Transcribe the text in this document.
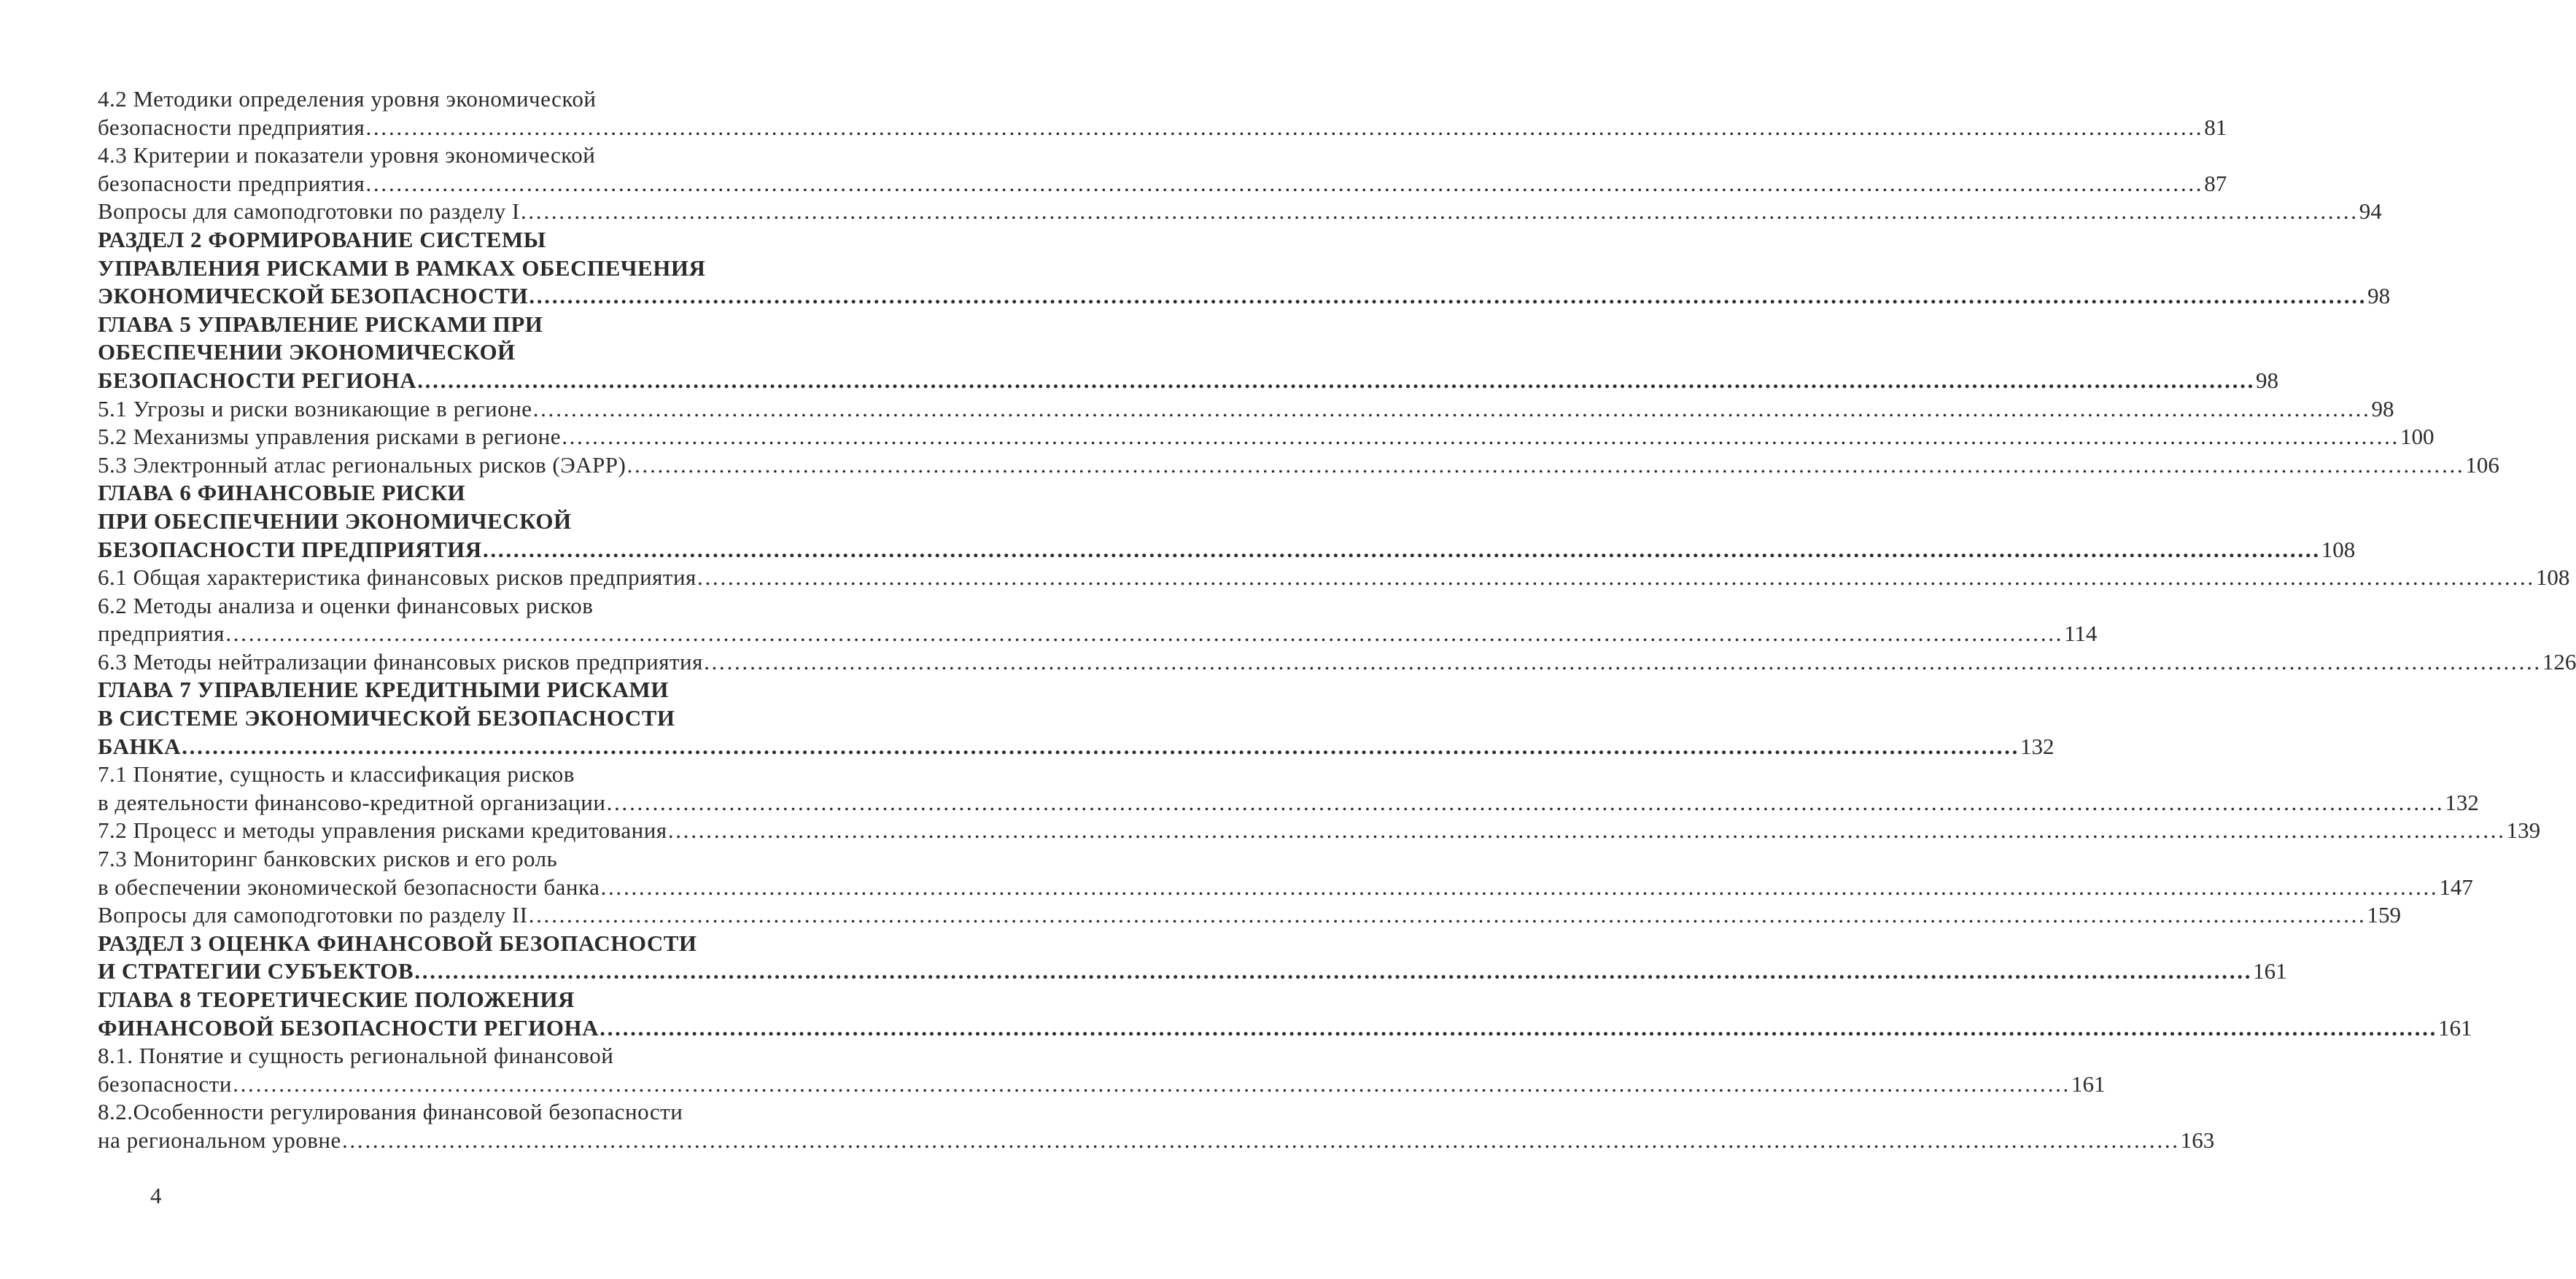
4.2 Методики определения уровня экономической
безопасности предприятия…………………………………………………………………………………………………………………………………………………………………………………………………………………… 81
4.3 Критерии и показатели уровня экономической
безопасности предприятия…………………………………………………………………………………………………………………………………………………………………………………………………………………… 87
Вопросы для самоподготовки по разделу I…………………………………………………………………………………………………………………………………………………………………………………………………………………… 94
РАЗДЕЛ 2 ФОРМИРОВАНИЕ СИСТЕМЫ
УПРАВЛЕНИЯ РИСКАМИ В РАМКАХ ОБЕСПЕЧЕНИЯ
ЭКОНОМИЧЕСКОЙ БЕЗОПАСНОСТИ…………………………………………………………………………………………………………………………………………………………………………………………………………………… 98
ГЛАВА 5 УПРАВЛЕНИЕ РИСКАМИ ПРИ
ОБЕСПЕЧЕНИИ ЭКОНОМИЧЕСКОЙ
БЕЗОПАСНОСТИ РЕГИОНА…………………………………………………………………………………………………………………………………………………………………………………………………………………… 98
5.1 Угрозы и риски возникающие в регионе…………………………………………………………………………………………………………………………………………………………………………………………………………………… 98
5.2 Механизмы управления рисками в регионе…………………………………………………………………………………………………………………………………………………………………………………………………………………… 100
5.3 Электронный атлас региональных рисков (ЭАРР)…………………………………………………………………………………………………………………………………………………………………………………………………………………… 106
ГЛАВА 6 ФИНАНСОВЫЕ РИСКИ
ПРИ ОБЕСПЕЧЕНИИ ЭКОНОМИЧЕСКОЙ
БЕЗОПАСНОСТИ ПРЕДПРИЯТИЯ…………………………………………………………………………………………………………………………………………………………………………………………………………………… 108
6.1 Общая характеристика финансовых рисков предприятия…………………………………………………………………………………………………………………………………………………………………………………………………………………… 108
6.2 Методы анализа и оценки финансовых рисков
предприятия…………………………………………………………………………………………………………………………………………………………………………………………………………………… 114
6.3 Методы нейтрализации финансовых рисков предприятия…………………………………………………………………………………………………………………………………………………………………………………………………………………… 126
ГЛАВА 7 УПРАВЛЕНИЕ КРЕДИТНЫМИ РИСКАМИ
В СИСТЕМЕ ЭКОНОМИЧЕСКОЙ БЕЗОПАСНОСТИ
БАНКА…………………………………………………………………………………………………………………………………………………………………………………………………………………… 132
7.1 Понятие, сущность и классификация рисков
в деятельности финансово-кредитной организации…………………………………………………………………………………………………………………………………………………………………………………………………………………… 132
7.2 Процесс и методы управления рисками кредитования…………………………………………………………………………………………………………………………………………………………………………………………………………………… 139
7.3 Мониторинг банковских рисков и его роль
в обеспечении экономической безопасности банка…………………………………………………………………………………………………………………………………………………………………………………………………………………… 147
Вопросы для самоподготовки по разделу II…………………………………………………………………………………………………………………………………………………………………………………………………………………… 159
РАЗДЕЛ 3 ОЦЕНКА ФИНАНСОВОЙ БЕЗОПАСНОСТИ
И СТРАТЕГИИ СУБЪЕКТОВ…………………………………………………………………………………………………………………………………………………………………………………………………………………… 161
ГЛАВА 8 ТЕОРЕТИЧЕСКИЕ ПОЛОЖЕНИЯ
ФИНАНСОВОЙ БЕЗОПАСНОСТИ РЕГИОНА…………………………………………………………………………………………………………………………………………………………………………………………………………………… 161
8.1. Понятие и сущность региональной финансовой
безопасности…………………………………………………………………………………………………………………………………………………………………………………………………………………… 161
8.2.Особенности регулирования финансовой безопасности
на региональном уровне…………………………………………………………………………………………………………………………………………………………………………………………………………………… 163
4
